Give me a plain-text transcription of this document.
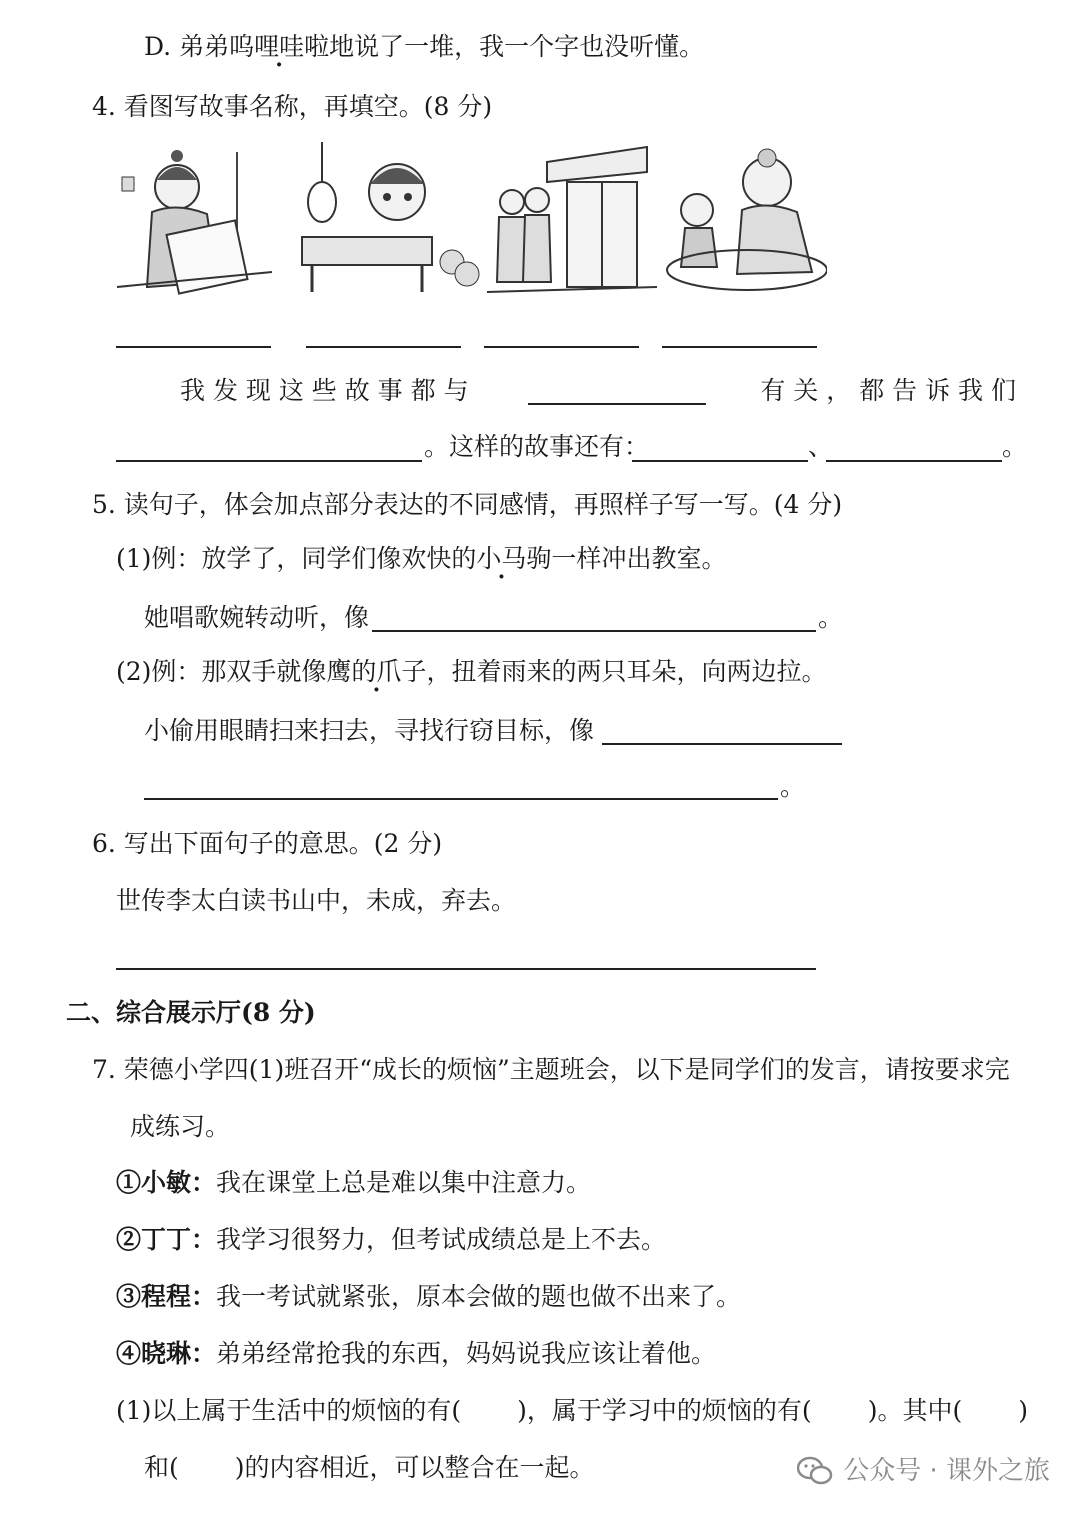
D. 弟弟呜哩哇啦地说了一堆，我一个字也没听懂。
4. 看图写故事名称，再填空。(8 分)
我 发 现 这 些 故 事 都 与	有 关 ， 都 告 诉 我 们
。这样的故事还有：	、	。
5. 读句子，体会加点部分表达的不同感情，再照样子写一写。(4 分)
(1)例：放学了，同学们像欢快的小马驹一样 ·冲出教室。
她唱歌婉转动听，像	。
(2)例：那双手就像鹰的爪子，扭着雨来的两只耳朵，向两边拉。
小偷用眼睛扫来扫去，寻找行窃目标，像
。
6. 写出下面句子的意思。(2 分)
世传李太白读书山中，未成，弃去。
二、综合展示厅(8 分)
7. 荣德小学四(1)班召开“成长的烦恼”主题班会，以下是同学们的发言，请按要求完
成练习。
①小敏：我在课堂上总是难以集中注意力。
②丁丁：我学习很努力，但考试成绩总是上不去。
③程程：我一考试就紧张，原本会做的题也做不出来了。
④晓琳：弟弟经常抢我的东西，妈妈说我应该让着他。
(1)以上属于生活中的烦恼的有( )，属于学习中的烦恼的有( )。其中( )
和( )的内容相近，可以整合在一起。	公众号 · 课外之旅
